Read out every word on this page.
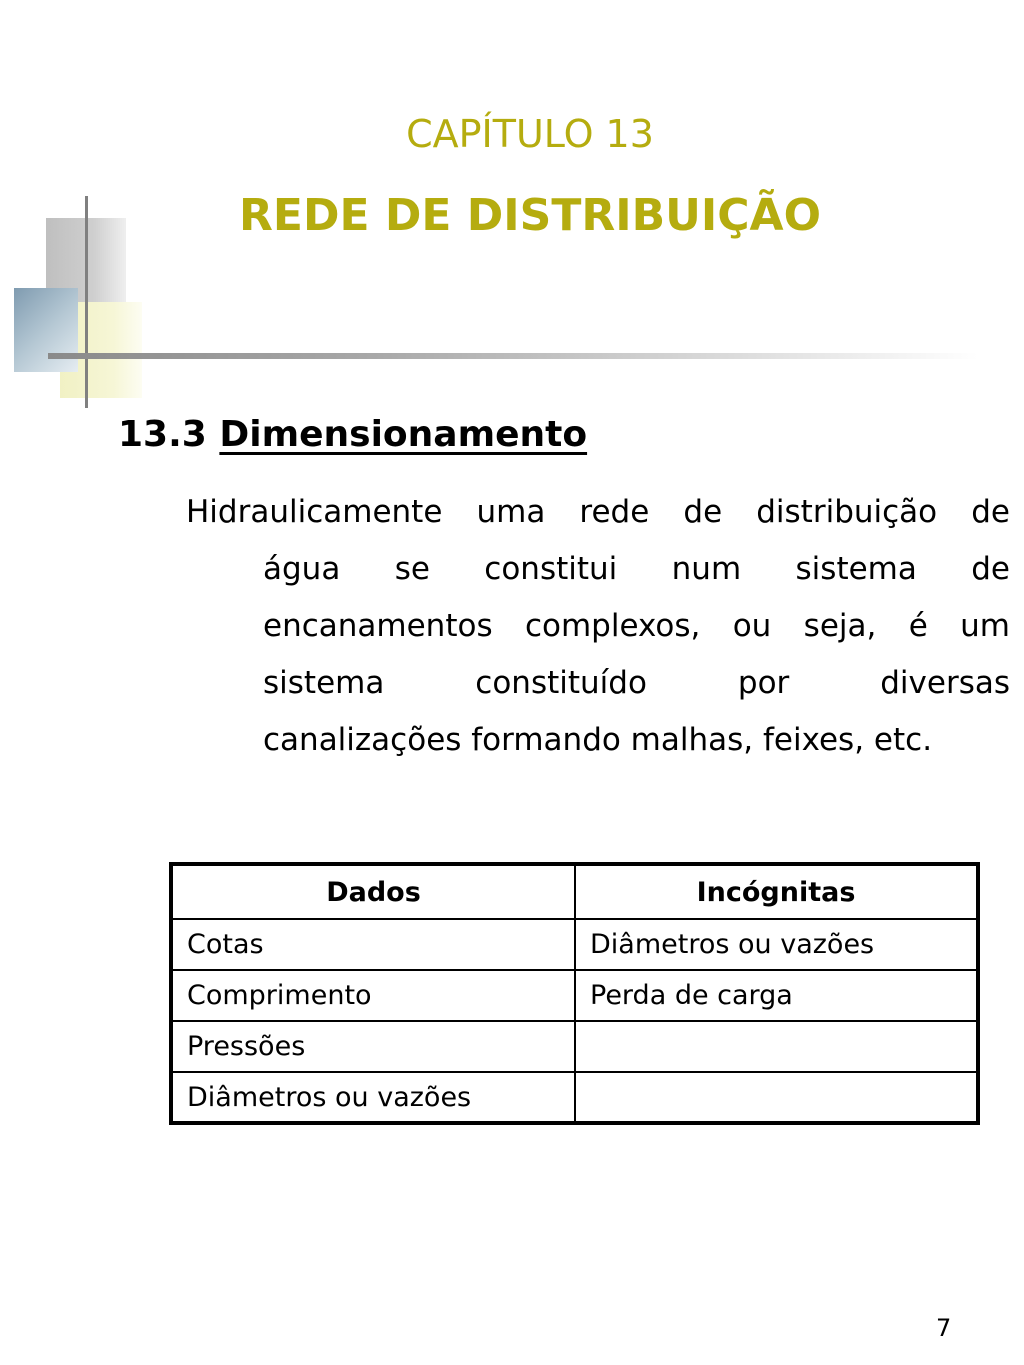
CAPÍTULO 13
REDE DE DISTRIBUIÇÃO
13.3 Dimensionamento
Hidraulicamente uma rede de distribuição de
água se constitui num sistema de
encanamentos complexos, ou seja, é um
sistema constituído por diversas
canalizações formando malhas, feixes, etc.
Dados	Incógnitas
Cotas	Diâmetros ou vazões
Comprimento	Perda de carga
Pressões	
Diâmetros ou vazões	
7
